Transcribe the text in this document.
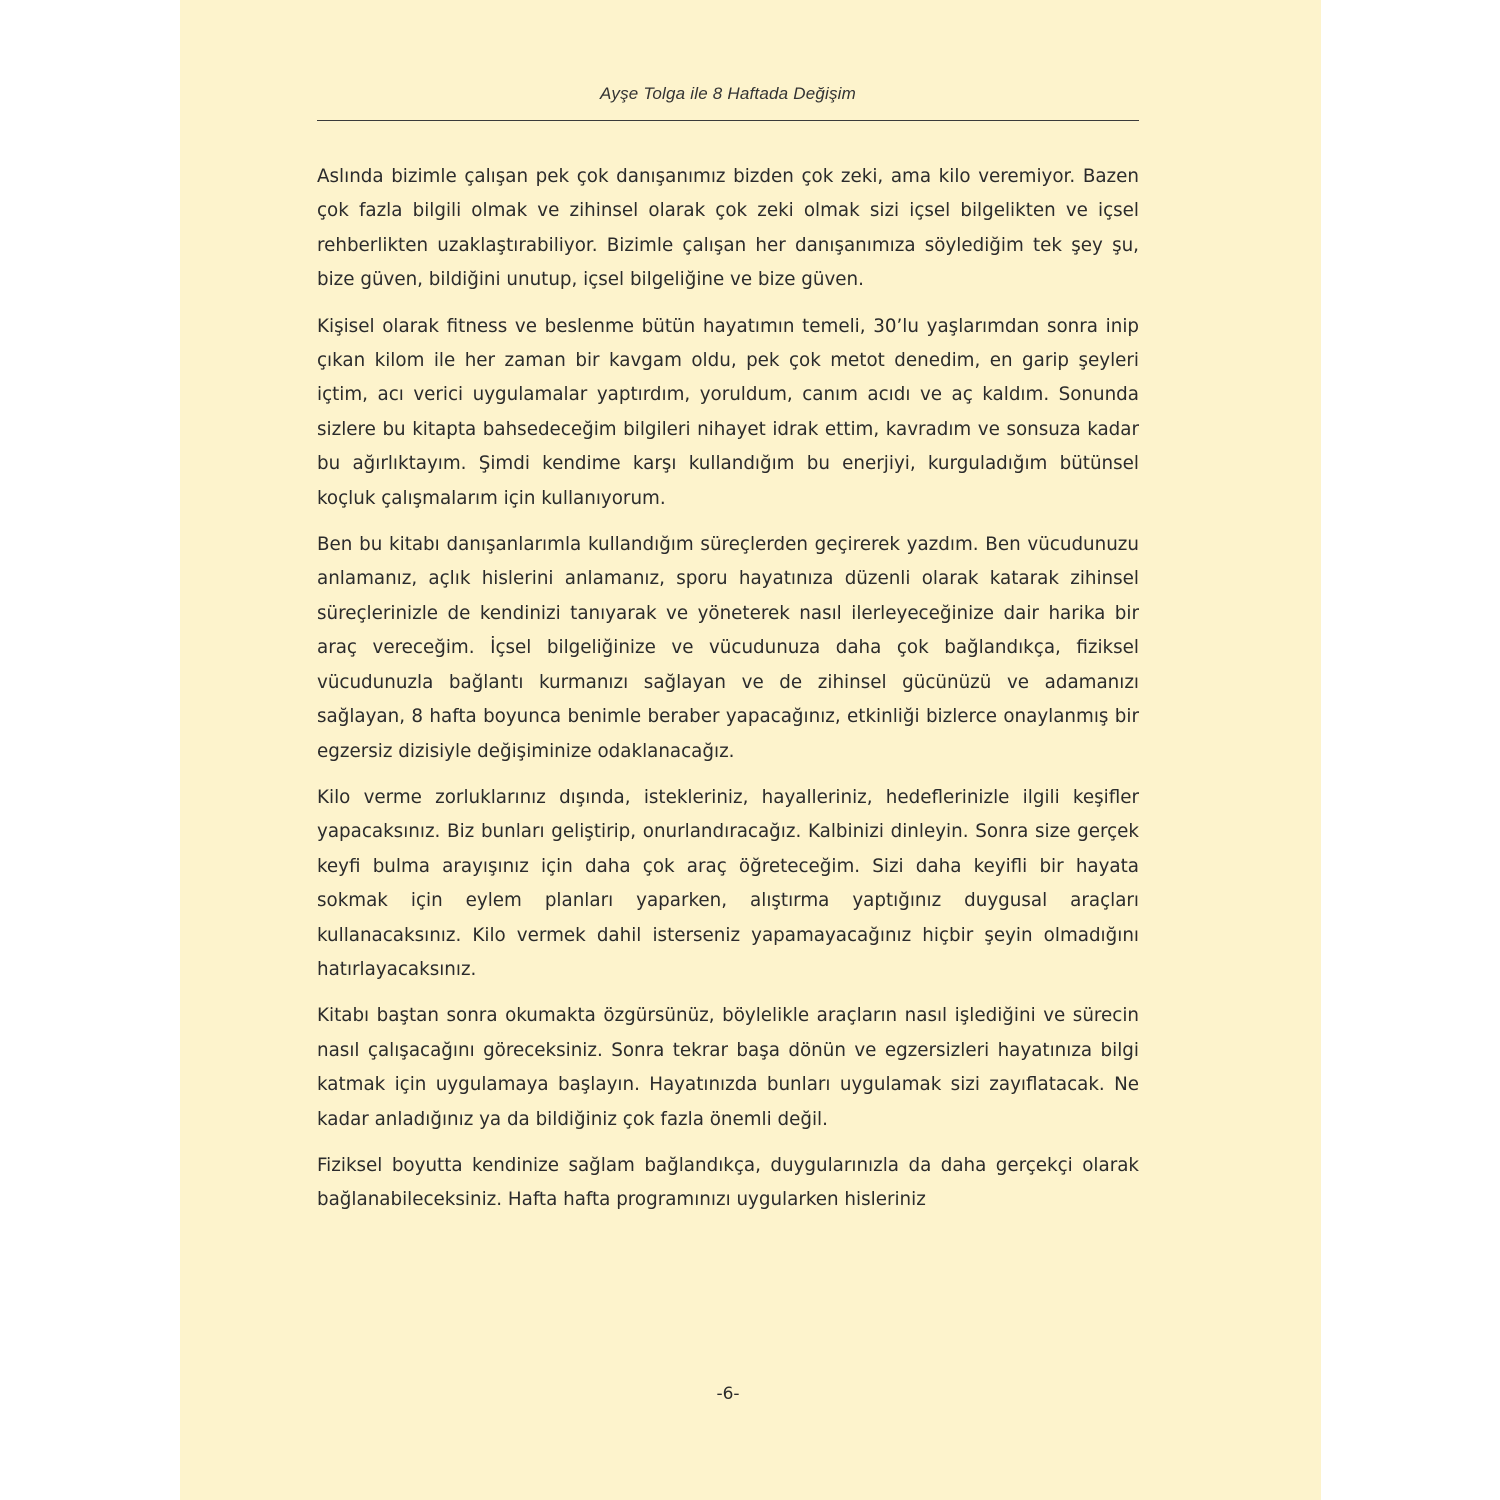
Ayşe Tolga ile 8 Haftada Değişim

Aslında bizimle çalışan pek çok danışanımız bizden çok zeki, ama kilo veremiyor. Bazen çok fazla bilgili olmak ve zihinsel olarak çok zeki olmak sizi içsel bilgelikten ve içsel rehberlikten uzaklaştırabiliyor. Bizimle çalışan her danışanımıza söylediğim tek şey şu, bize güven, bildiğini unutup, içsel bilgeliğine ve bize güven.

Kişisel olarak fitness ve beslenme bütün hayatımın temeli, 30’lu yaşlarımdan sonra inip çıkan kilom ile her zaman bir kavgam oldu, pek çok metot denedim, en garip şeyleri içtim, acı verici uygulamalar yaptırdım, yoruldum, canım acıdı ve aç kaldım. Sonunda sizlere bu kitapta bahsedeceğim bilgileri nihayet idrak ettim, kavradım ve sonsuza kadar bu ağırlıktayım. Şimdi kendime karşı kullandığım bu enerjiyi, kurguladığım bütünsel koçluk çalışmalarım için kullanıyorum.

Ben bu kitabı danışanlarımla kullandığım süreçlerden geçirerek yazdım. Ben vücudunuzu anlamanız, açlık hislerini anlamanız, sporu hayatınıza düzenli olarak katarak zihinsel süreçlerinizle de kendinizi tanıyarak ve yöneterek nasıl ilerleyeceğinize dair harika bir araç vereceğim. İçsel bilgeliğinize ve vücudunuza daha çok bağlandıkça, fiziksel vücudunuzla bağlantı kurmanızı sağlayan ve de zihinsel gücünüzü ve adamanızı sağlayan, 8 hafta boyunca benimle beraber yapacağınız, etkinliği bizlerce onaylanmış bir egzersiz dizisiyle değişiminize odaklanacağız.

Kilo verme zorluklarınız dışında, istekleriniz, hayalleriniz, hedeflerinizle ilgili keşifler yapacaksınız. Biz bunları geliştirip, onurlandıracağız. Kalbinizi dinleyin. Sonra size gerçek keyfi bulma arayışınız için daha çok araç öğreteceğim. Sizi daha keyifli bir hayata sokmak için eylem planları yaparken, alıştırma yaptığınız duygusal araçları kullanacaksınız. Kilo vermek dahil isterseniz yapamayacağınız hiçbir şeyin olmadığını hatırlayacaksınız.

Kitabı baştan sonra okumakta özgürsünüz, böylelikle araçların nasıl işlediğini ve sürecin nasıl çalışacağını göreceksiniz. Sonra tekrar başa dönün ve egzersizleri hayatınıza bilgi katmak için uygulamaya başlayın. Hayatınızda bunları uygulamak sizi zayıflatacak. Ne kadar anladığınız ya da bildiğiniz çok fazla önemli değil.

Fiziksel boyutta kendinize sağlam bağlandıkça, duygularınızla da daha gerçekçi olarak bağlanabileceksiniz. Hafta hafta programınızı uygularken hisleriniz

-6-
